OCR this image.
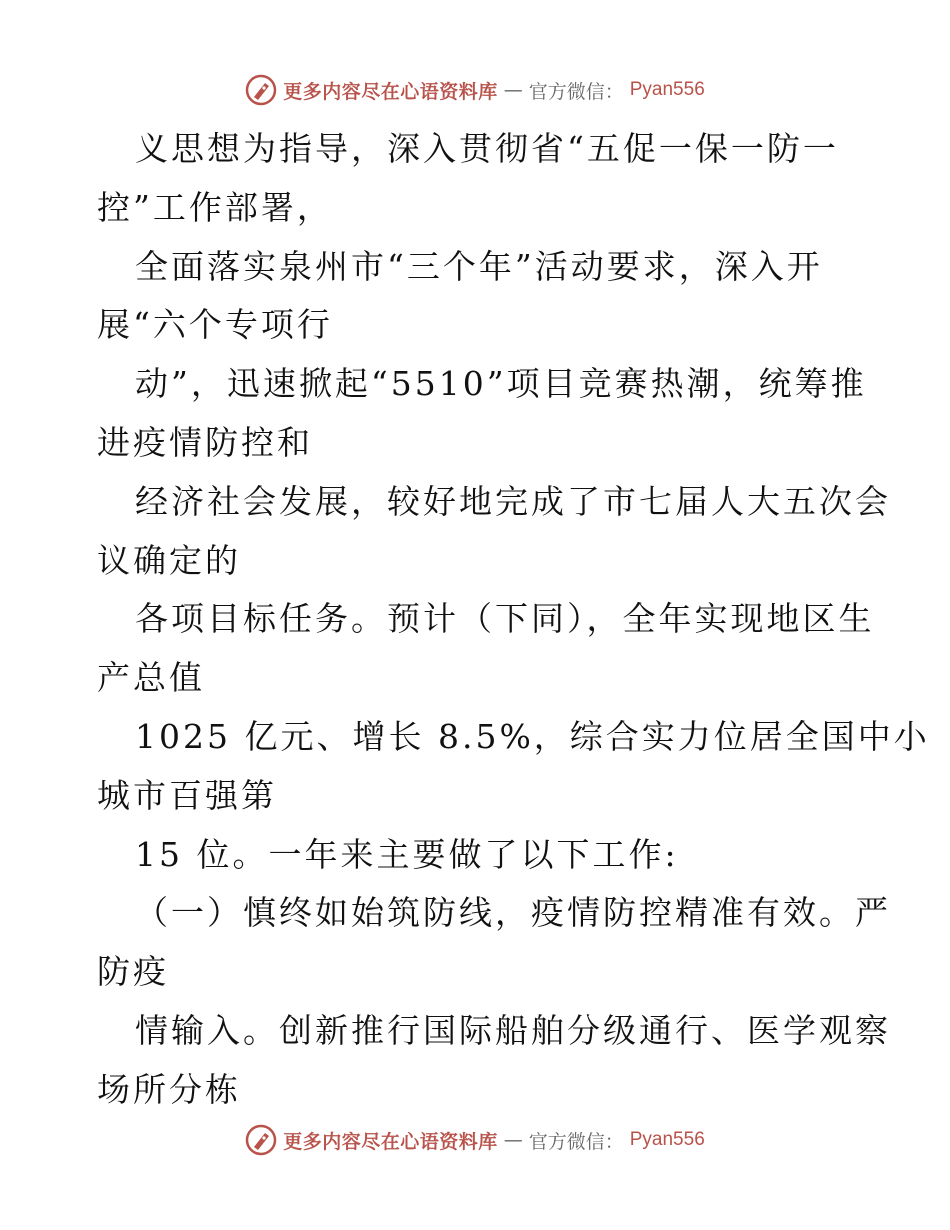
更多内容尽在心语资料库 — 官方微信： Pyan556
义思想为指导，深入贯彻省“五促一保一防一
控”工作部署，
全面落实泉州市“三个年”活动要求，深入开
展“六个专项行
动”，迅速掀起“5510”项目竞赛热潮，统筹推
进疫情防控和
经济社会发展，较好地完成了市七届人大五次会
议确定的
各项目标任务。预计（下同），全年实现地区生
产总值
1025 亿元、增长 8.5%，综合实力位居全国中小
城市百强第
15 位。一年来主要做了以下工作:
（一）慎终如始筑防线，疫情防控精准有效。严
防疫
情输入。创新推行国际船舶分级通行、医学观察
场所分栋
更多内容尽在心语资料库 — 官方微信： Pyan556
